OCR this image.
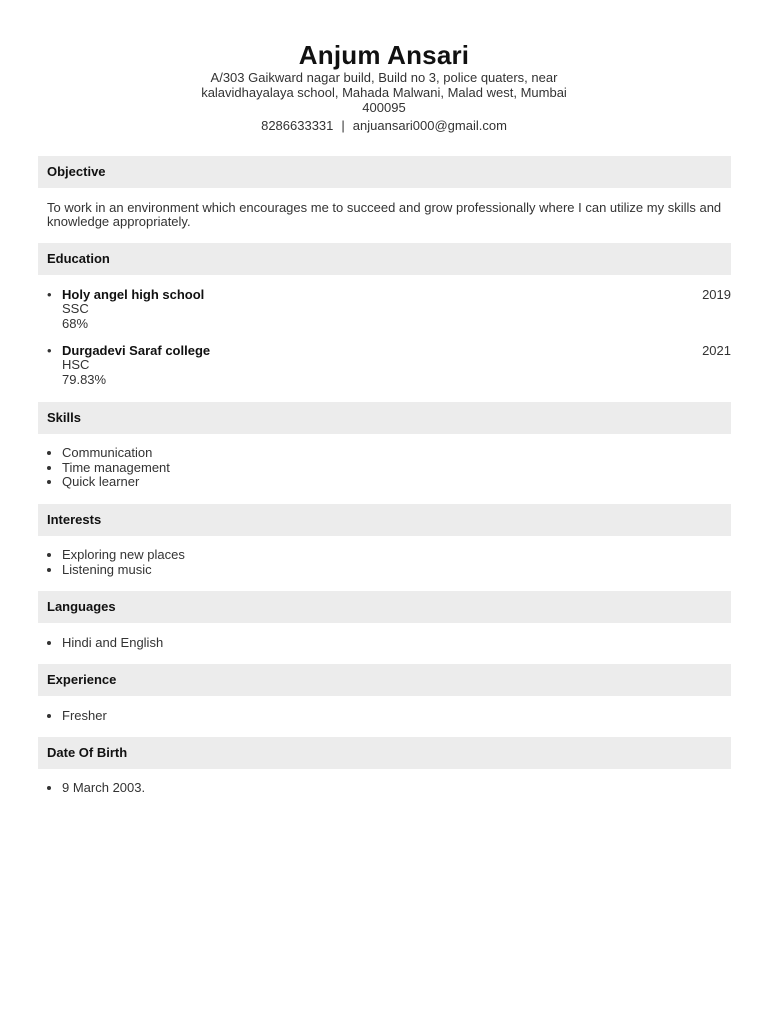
Anjum Ansari
A/303 Gaikward nagar build, Build no 3, police quaters, near kalavidhayalaya school, Mahada Malwani, Malad west, Mumbai 400095
8286633331 | anjuansari000@gmail.com
Objective
To work in an environment which encourages me to succeed and grow professionally where I can utilize my skills and knowledge appropriately.
Education
• Holy angel high school
SSC
68%
2019
• Durgadevi Saraf college
HSC
79.83%
2021
Skills
• Communication
• Time management
• Quick learner
Interests
• Exploring new places
• Listening music
Languages
• Hindi and English
Experience
• Fresher
Date Of Birth
• 9 March 2003.
